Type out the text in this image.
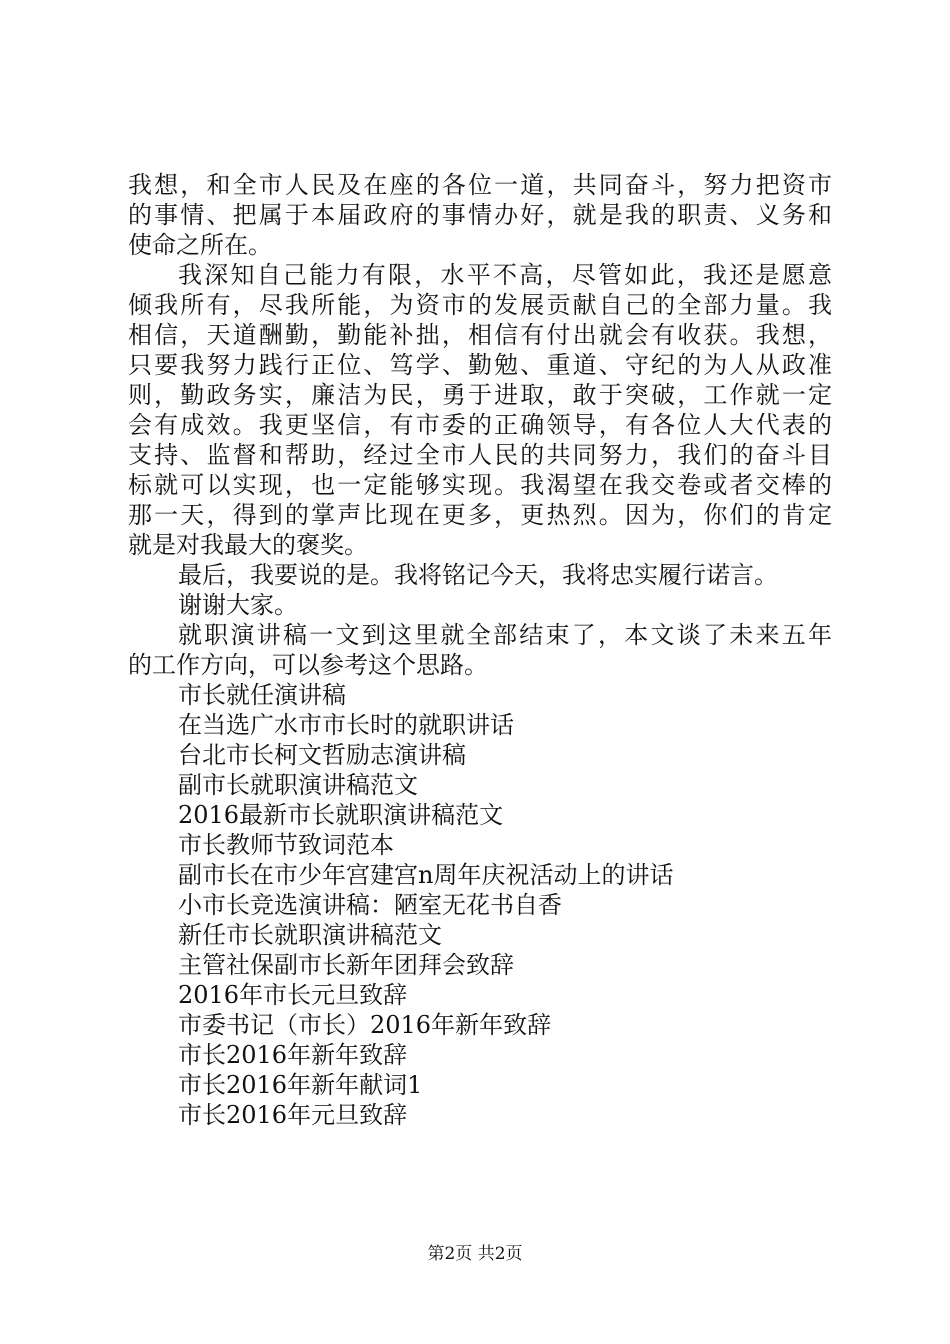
我想，和全市人民及在座的各位一道，共同奋斗，努力把资市
的事情、把属于本届政府的事情办好，就是我的职责、义务和
使命之所在。
我深知自己能力有限，水平不高，尽管如此，我还是愿意
倾我所有，尽我所能，为资市的发展贡献自己的全部力量。我
相信，天道酬勤，勤能补拙，相信有付出就会有收获。我想，
只要我努力践行正位、笃学、勤勉、重道、守纪的为人从政准
则，勤政务实，廉洁为民，勇于进取，敢于突破，工作就一定
会有成效。我更坚信，有市委的正确领导，有各位人大代表的
支持、监督和帮助，经过全市人民的共同努力，我们的奋斗目
标就可以实现，也一定能够实现。我渴望在我交卷或者交棒的
那一天，得到的掌声比现在更多，更热烈。因为，你们的肯定
就是对我最大的褒奖。
最后，我要说的是。我将铭记今天，我将忠实履行诺言。
谢谢大家。
就职演讲稿一文到这里就全部结束了，本文谈了未来五年
的工作方向，可以参考这个思路。
市长就任演讲稿
在当选广水市市长时的就职讲话
台北市长柯文哲励志演讲稿
副市长就职演讲稿范文
2016最新市长就职演讲稿范文
市长教师节致词范本
副市长在市少年宫建宫n周年庆祝活动上的讲话
小市长竞选演讲稿：陋室无花书自香
新任市长就职演讲稿范文
主管社保副市长新年团拜会致辞
2016年市长元旦致辞
市委书记（市长）2016年新年致辞
市长2016年新年致辞
市长2016年新年献词1
市长2016年元旦致辞
第2页 共2页
